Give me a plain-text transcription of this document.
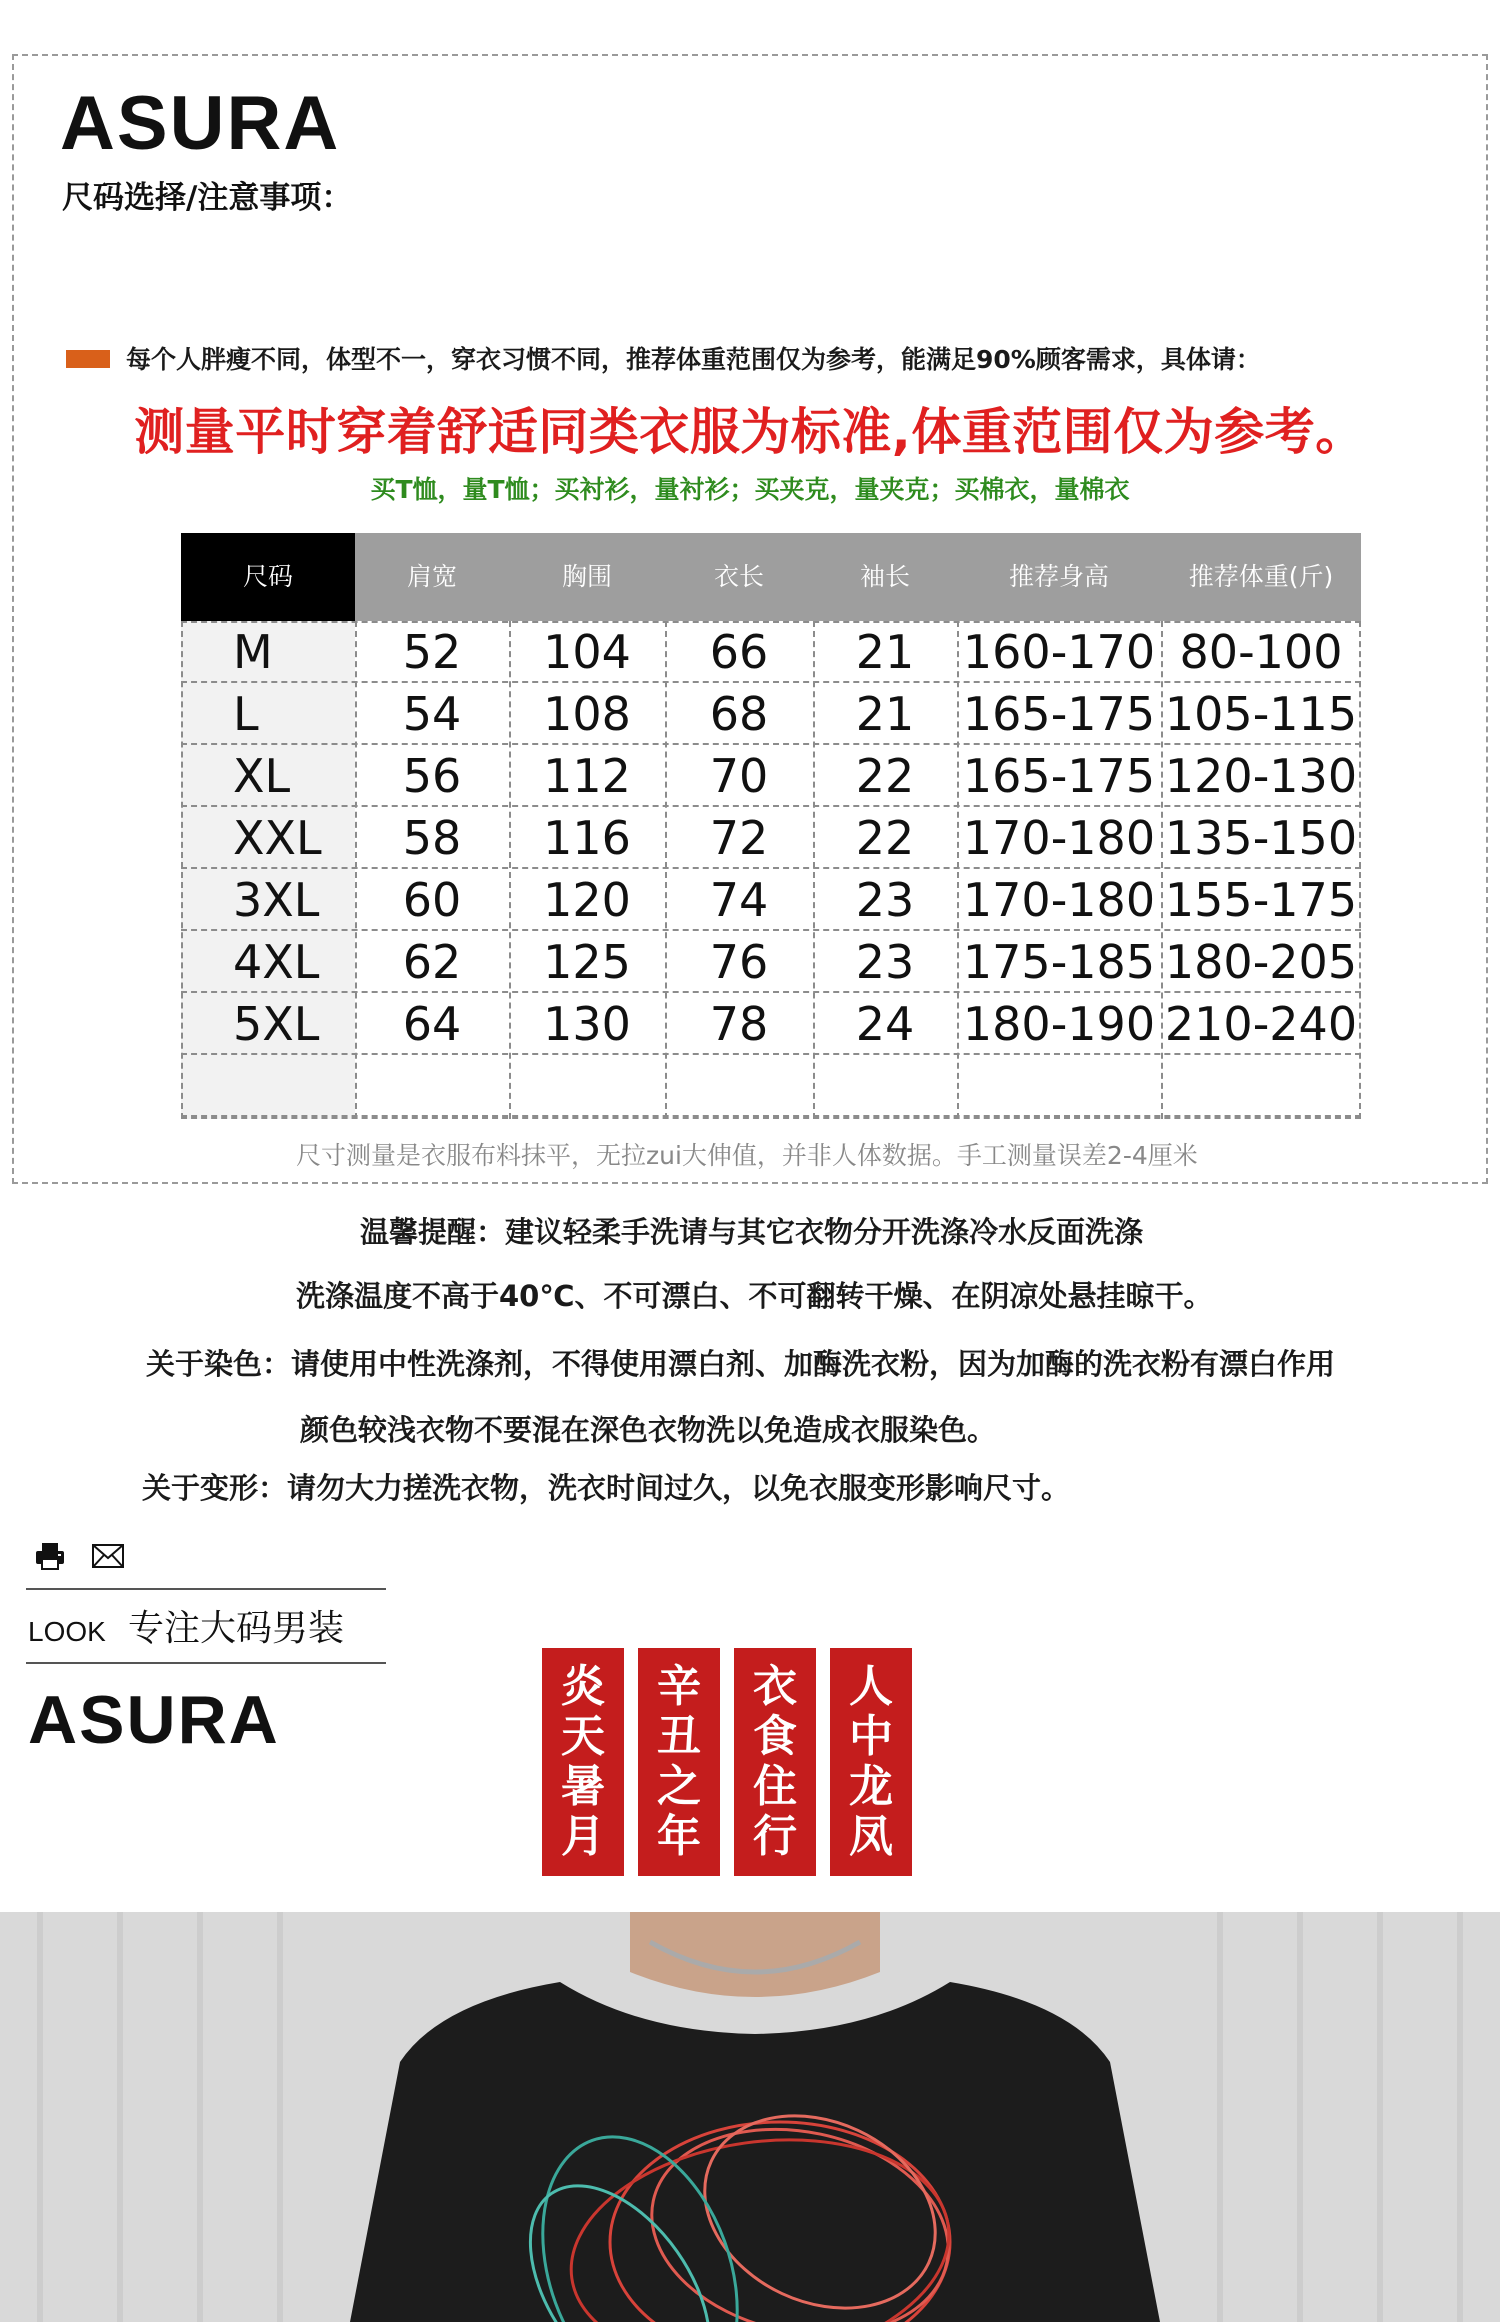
ASURA
尺码选择/注意事项：
每个人胖瘦不同，体型不一，穿衣习惯不同，推荐体重范围仅为参考，能满足90%顾客需求，具体请：
测量平时穿着舒适同类衣服为标准,体重范围仅为参考。
买T恤，量T恤；买衬衫，量衬衫；买夹克，量夹克；买棉衣，量棉衣
尺码	肩宽	胸围	衣长	袖长	推荐身高	推荐体重(斤)
M	52	104	66	21	160-170 80-100
L	54	108	68	21	165-175 105-115
XL	56	112	70	22	165-175 120-130
XXL	58	116	72	22	170-180 135-150
3XL	60	120	74	23	170-180 155-175
4XL	62	125	76	23	175-185 180-205
5XL	64	130	78	24	180-190 210-240
尺寸测量是衣服布料抹平，无拉zui大伸值，并非人体数据。手工测量误差2-4厘米
温馨提醒：建议轻柔手洗请与其它衣物分开洗涤冷水反面洗涤
洗涤温度不高于40℃、不可漂白、不可翻转干燥、在阴凉处悬挂晾干。
关于染色：请使用中性洗涤剂，不得使用漂白剂、加酶洗衣粉，因为加酶的洗衣粉有漂白作用
颜色较浅衣物不要混在深色衣物洗以免造成衣服染色。
关于变形：请勿大力搓洗衣物，洗衣时间过久，以免衣服变形影响尺寸。
LOOK 专注大码男装
ASURA	炎天暑月
辛丑之年
衣食住行
人中龙凤
